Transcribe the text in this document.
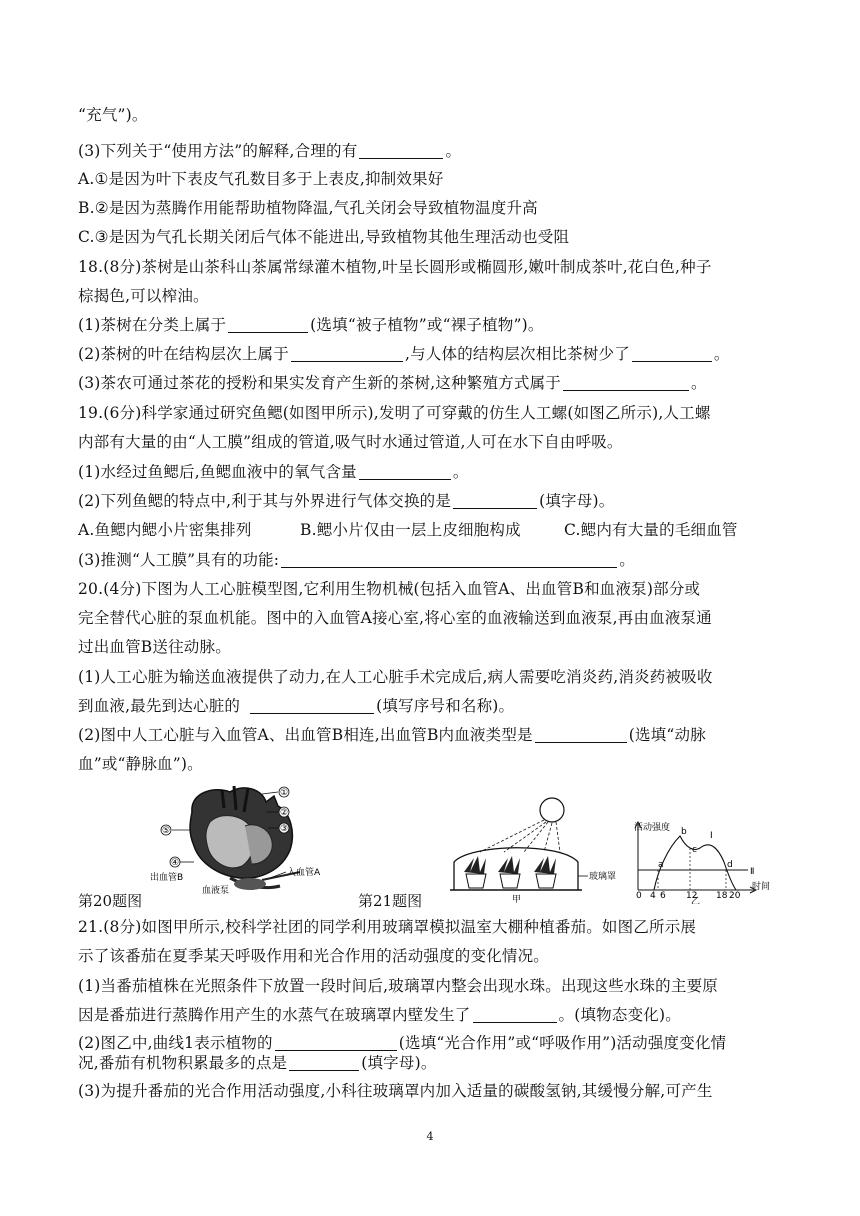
“充气”)。
(3)下列关于“使用方法”的解释,合理的有	。
A.①是因为叶下表皮气孔数目多于上表皮,抑制效果好
B.②是因为蒸腾作用能帮助植物降温,气孔关闭会导致植物温度升高
C.③是因为气孔长期关闭后气体不能进出,导致植物其他生理活动也受阻
18.(8分)茶树是山茶科山茶属常绿灌木植物,叶呈长圆形或椭圆形,嫩叶制成茶叶,花白色,种子
棕揭色,可以榨油。
(1)茶树在分类上属于	(选填“被子植物”或“裸子植物”)。
(2)茶树的叶在结构层次上属于	,与人体的结构层次相比茶树少了	。
(3)茶农可通过茶花的授粉和果实发育产生新的茶树,这种繁殖方式属于	。
19.(6分)科学家通过研究鱼鳃(如图甲所示),发明了可穿戴的仿生人工螺(如图乙所示),人工螺
内部有大量的由“人工膜”组成的管道,吸气时水通过管道,人可在水下自由呼吸。
(1)水经过鱼鳃后,鱼鳃血液中的氧气含量	。
(2)下列鱼鳃的特点中,利于其与外界进行气体交换的是	(填字母)。
A.鱼鳃内鳃小片密集排列	B.鳃小片仅由一层上皮细胞构成	C.鳃内有大量的毛细血管
(3)推测“人工膜”具有的功能:	。
20.(4分)下图为人工心脏模型图,它利用生物机械(包括入血管A、出血管B和血液泵)部分或
完全替代心脏的泵血机能。图中的入血管A接心室,将心室的血液输送到血液泵,再由血液泵通
过出血管B送往动脉。
(1)人工心脏为输送血液提供了动力,在人工心脏手术完成后,病人需要吃消炎药,消炎药被吸收
到血液,最先到达心脏的	(填写序号和名称)。
(2)图中人工心脏与入血管A、出血管B相连,出血管B内血液类型是	(选填“动脉
血”或“静脉血”)。
①
②
③
④
⑤
入血管A
出血管B
血液泵
玻璃罩
甲
活动强度
时间
I
Ⅱ
a
b
c
d
0 4 6 12 18 20
乙
第20题图	第21题图
21.(8分)如图甲所示,校科学社团的同学利用玻璃罩模拟温室大棚种植番茄。如图乙所示展
示了该番茄在夏季某天呼吸作用和光合作用的活动强度的变化情况。
(1)当番茄植株在光照条件下放置一段时间后,玻璃罩内整会出现水珠。出现这些水珠的主要原
因是番茄进行蒸腾作用产生的水蒸气在玻璃罩内壁发生了	。(填物态变化)。
(2)图乙中,曲线1表示植物的	(选填“光合作用”或“呼吸作用”)活动强度变化情
况,番茄有机物积累最多的点是	(填字母)。
(3)为提升番茄的光合作用活动强度,小科往玻璃罩内加入适量的碳酸氢钠,其缓慢分解,可产生
4
